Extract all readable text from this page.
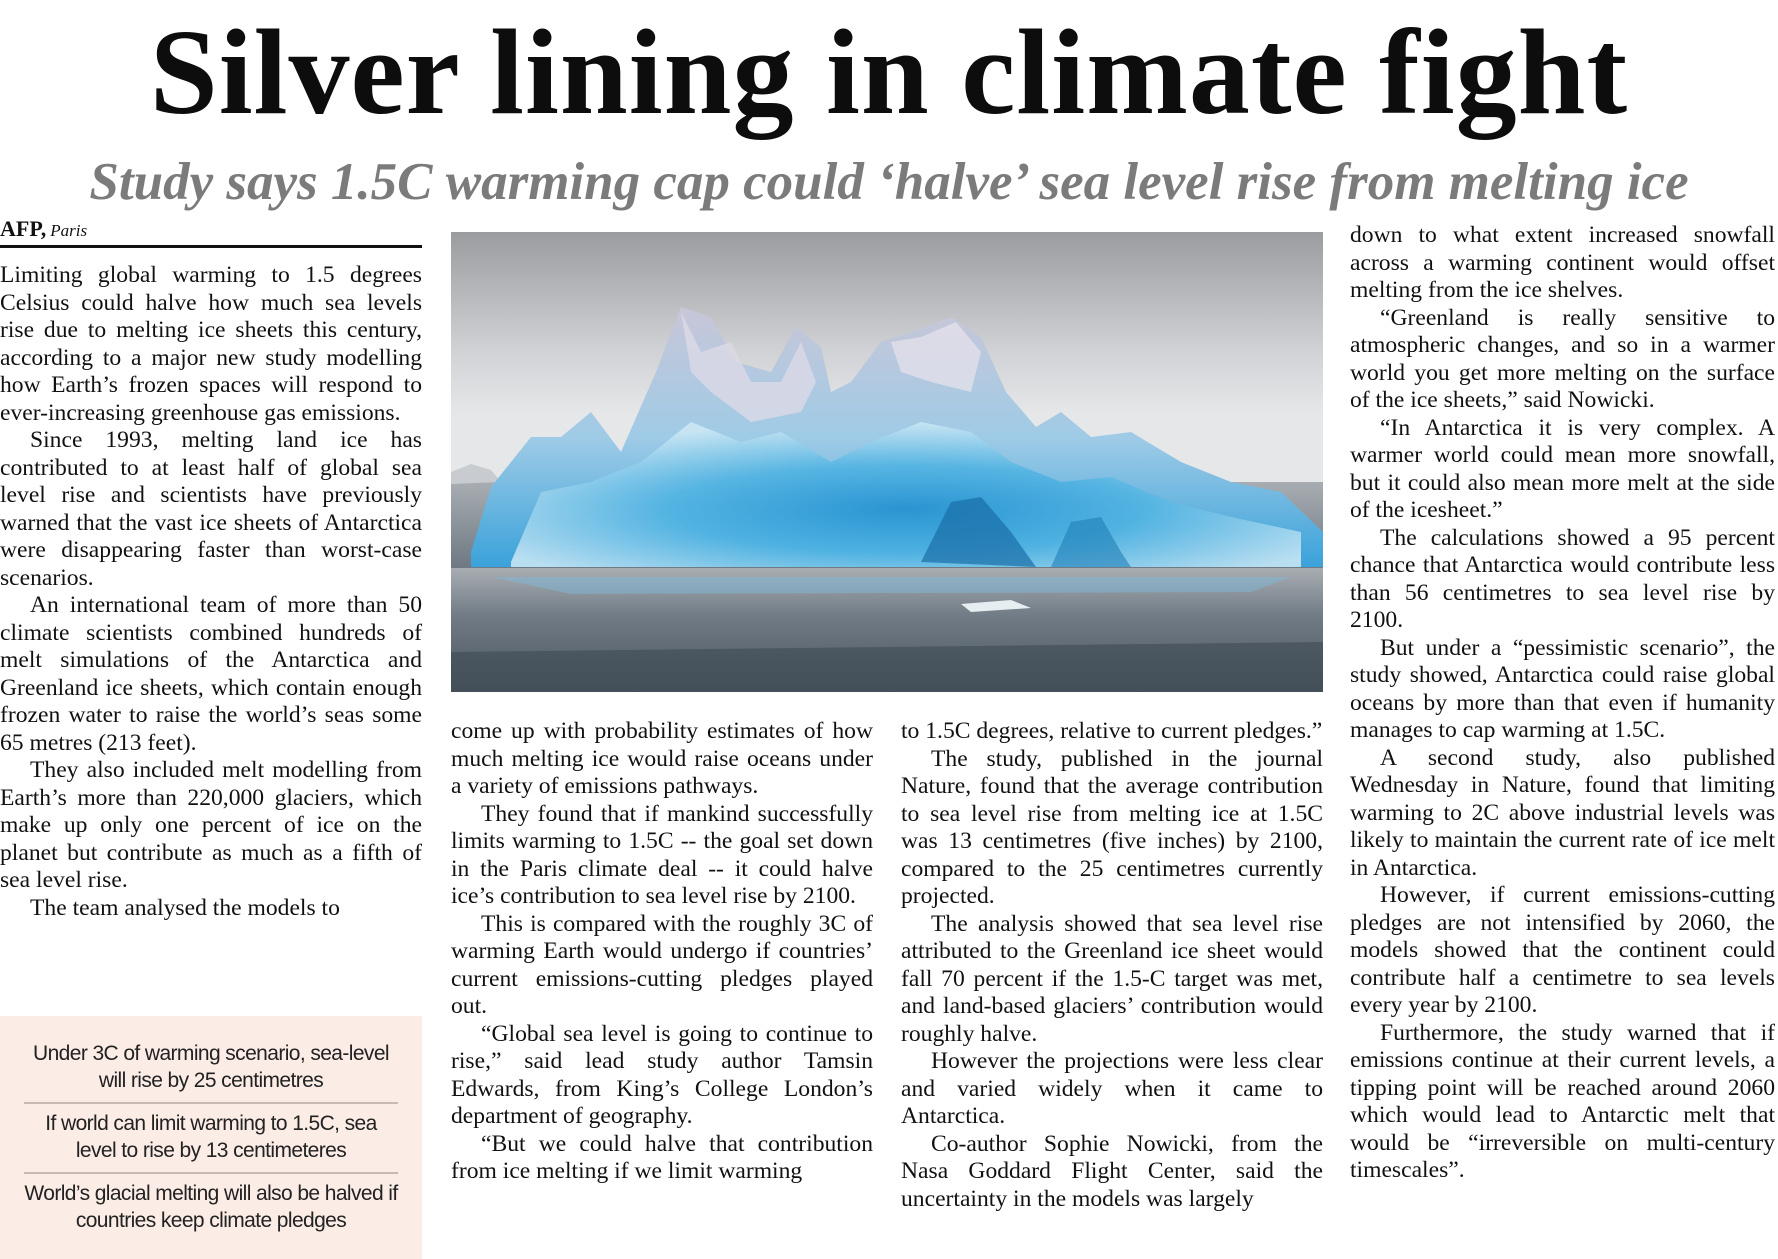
Silver lining in climate fight
Study says 1.5C warming cap could ‘halve’ sea level rise from melting ice
AFP, Paris

Limiting global warming to 1.5 degrees Celsius could halve how much sea levels rise due to melting ice sheets this century, according to a major new study modelling how Earth’s frozen spaces will respond to ever-increasing greenhouse gas emissions.

Since 1993, melting land ice has contributed to at least half of global sea level rise and scientists have previously warned that the vast ice sheets of Antarctica were disappearing faster than worst-case scenarios.

An international team of more than 50 climate scientists combined hundreds of melt simulations of the Antarctica and Greenland ice sheets, which contain enough frozen water to raise the world’s seas some 65 metres (213 feet).

They also included melt modelling from Earth’s more than 220,000 glaciers, which make up only one percent of ice on the planet but contribute as much as a fifth of sea level rise.

The team analysed the models to

come up with probability estimates of how much melting ice would raise oceans under a variety of emissions pathways.

They found that if mankind successfully limits warming to 1.5C -- the goal set down in the Paris climate deal -- it could halve ice’s contribution to sea level rise by 2100.

This is compared with the roughly 3C of warming Earth would undergo if countries’ current emissions-cutting pledges played out.

“Global sea level is going to continue to rise,” said lead study author Tamsin Edwards, from King’s College London’s department of geography.

“But we could halve that contribution from ice melting if we limit warming

to 1.5C degrees, relative to current pledges.”

The study, published in the journal Nature, found that the average contribution to sea level rise from melting ice at 1.5C was 13 centimetres (five inches) by 2100, compared to the 25 centimetres currently projected.

The analysis showed that sea level rise attributed to the Greenland ice sheet would fall 70 percent if the 1.5-C target was met, and land-based glaciers’ contribution would roughly halve.

However the projections were less clear and varied widely when it came to Antarctica.

Co-author Sophie Nowicki, from the Nasa Goddard Flight Center, said the uncertainty in the models was largely

down to what extent increased snowfall across a warming continent would offset melting from the ice shelves.

“Greenland is really sensitive to atmospheric changes, and so in a warmer world you get more melting on the surface of the ice sheets,” said Nowicki.

“In Antarctica it is very complex. A warmer world could mean more snowfall, but it could also mean more melt at the side of the icesheet.”

The calculations showed a 95 percent chance that Antarctica would contribute less than 56 centimetres to sea level rise by 2100.

But under a “pessimistic scenario”, the study showed, Antarctica could raise global oceans by more than that even if humanity manages to cap warming at 1.5C.

A second study, also published Wednesday in Nature, found that limiting warming to 2C above industrial levels was likely to maintain the current rate of ice melt in Antarctica.

However, if current emissions-cutting pledges are not intensified by 2060, the models showed that the continent could contribute half a centimetre to sea levels every year by 2100.

Furthermore, the study warned that if emissions continue at their current levels, a tipping point will be reached around 2060 which would lead to Antarctic melt that would be “irreversible on multi-century timescales”.

Under 3C of warming scenario, sea-level will rise by 25 centimetres
If world can limit warming to 1.5C, sea level to rise by 13 centimeteres
World’s glacial melting will also be halved if countries keep climate pledges
